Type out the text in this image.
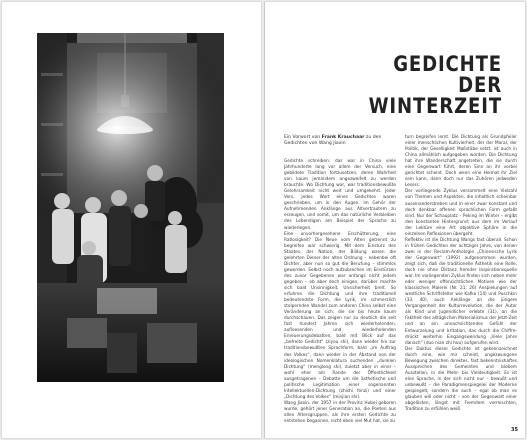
GEDICHTE
DER WINTERZEIT
Ein Vorwort von Frank Krauchaar zu den Gedichten von Wang Jiaxin

Gedichte schreiben: das war in China viele Jahrhunderte lang vor allem der Versuch, eine gebildete Tradition fortzusetzen, deren Wahrheit von kaum jemandem angezweifelt zu werden brauchte. Wo Dichtung war, war traditionsbewußte Gelehrsamkeit nicht weit und umgekehrt. Jeder Vers, jedes Wort eines Gedichtes waren geschrieben, um in den Augen, im Gehör der Aufnehmenden Anklänge aus Altvertrautem zu erzeugen, und somit, um das natürliche Verbleiben des Lebendigen am Beispiel der Sprache zu wiederlegen.

Eine unvorhergesehene Erschütterung, eine Ratlosigkeit? Die Neue vom Alten getrennt zu begreifen war schwierig. Mit dem Einsturz des Staates, der Nation, der Bildung waren die gelehrten Diener der alten Ordnung – nebenbei oft Dichter, aber nun so gut die Berufung – stimmlos geworden. Selbst noch aufzubrechen im Einstürzen des zuvor Gegebenen war anfangs nicht jedem gegeben – ob aber doch einigen, darüber machte sich bald Unsinnigkeit, Unsicherheit breit. So erfuhren die Dichtung und ihre traditionell bedeutendste Form, die Lyrik, im schmerzlich stolpernden Wandel zum anderen China selbst eine Veränderung an sich; die sie bis heute kaum durchschauen. Das zeigen nur zu deutlich die seit fast hundert Jahren sich wiederholenden, aufloesenden und wiederholenden Erneuerungsdebatten, bald mit Blick auf das „befreite Gedicht“ (ziyou shi), dann wieder hin zur traditionsbewußten Sprachform, bald „im Auftrag des Volkes“, dann wieder in der Abstand von der ideologischen Nomenklatura suchenden „dunklen Dichtung“ (menglong shi), zuletzt aber in einer – wohl eher am Rande der Öffentlichkeit ausgetragenen – Debatte um die ästhetische und politische Legitimation einer sogenannten Intellektuellen-Dichtung (zhishi fenzi) und einer „Dichtung des Volkes“ (minjian shi).

Wang Jiaxin, der 1957 in der Provinz Hubei geboren wurde, gehört jener Generation an, die Poeten aus allen Altersgruppen, als ihre ersten Gedichte zu entstehen begannen, nicht eben viel Mut hat, sie zu

turn begreifen lernt. Die Dichtung als Grundpfeiler einer menschlichen Kultivierheit, der der Moral, der Politik, der Geselligkeit Maßstäbe setzt, ist auch in China allmählich aufgegeben worden. Die Dichtung hat ihre Wanderschaft angetreten, die sie durch eine Gegenwart führt, deren Sinn an ihr vorbei gerichtet scheint. Doch wenn eine Heimat ihr Ziel sein kann, dann doch nur das Zuhören jedweden Lesers.

Der vorliegende Zyklus versammelt eine Vielzahl von Themen und Aspekten, die inhaltlich scheinbar auseinanderstreben und in einer zwar konstant und doch denkbar offenen sprachlichen Form gefaßt sind. Nur der Schauplatz – Peking im Winter – ergibt den konstanten Hintergrund; aus dem im Verlauf der Lektüre eine Art objektive Sphäre in die einzelnen Reflexionen übergeht.

Reflektiv ist die Dichtung Wangs fast überall. Schon in frühen Gedichten der achtziger Jahre, von denen zwei in der Reclam-Anthologie „Chinesische Lyrik der Gegenwart“ (1992) aufgenommen wurden, zeigt sich, daß die traditionelle Ästhetik eine Rolle, doch nie ohne Distanz fremder Inspirationsquelle war. Im vorliegenden Zyklus finden sich neben mehr oder weniger offensichtlichen Motiven wie der klassischen Malerei (Nr. 21, 26) Anspielungen auf westliche Schriftsteller wie Kafka (14) und Puschkin (33, 40), auch Anklänge an die jüngere Vergangenheit der Kulturrevolution, die der Autor als Kind und Jugendlicher erlebte (31), an die Faktheit des alltäglichen Materialismus der Jetzt-Zeit und an ein unnachsichtendes Gefühl der Entwurzelung und Irritation, das durch die Chiffre-drückt weiterhin Eingangswendung „Viele Jahre danach“ (duo nian zhi hou) aufgerufen wird.

Der Duktus dieser Gedichte ist gekennzeichnet durch eine, wie mir scheint, ungezwungene Bewegung zwischen direktes, fast bekenntnishaftes Aussprechen des Gemeinten und bloßem Ausstellen, in die Mehr- bis Vieldeutigkeit. Es ist eine Sprache, in der sich nicht nur – bewußt und unbewußt – die Paradigmenspiegelei der Moderne gespiegelt, sondern die auch – egal ob man es glauben will oder nicht – von der Gegenwart einer abgelösten, längst mit Fremdem vermischten, Tradition zu erfühlen weiß.

35
